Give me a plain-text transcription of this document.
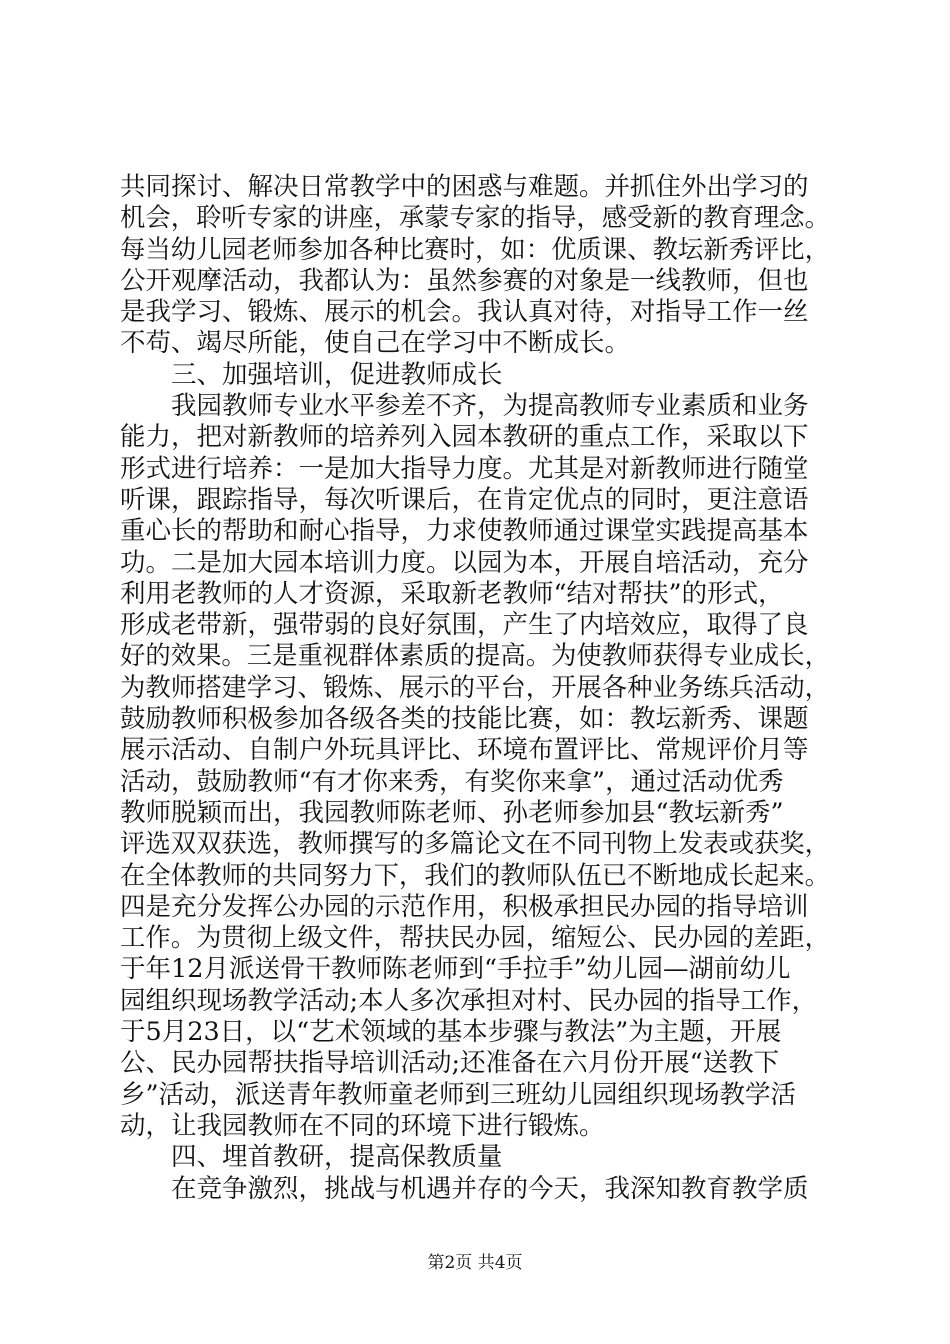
共同探讨、解决日常教学中的困惑与难题。并抓住外出学习的
机会，聆听专家的讲座，承蒙专家的指导，感受新的教育理念。
每当幼儿园老师参加各种比赛时，如：优质课、教坛新秀评比，
公开观摩活动，我都认为：虽然参赛的对象是一线教师，但也
是我学习、锻炼、展示的机会。我认真对待，对指导工作一丝
不苟、竭尽所能，使自己在学习中不断成长。
三、加强培训，促进教师成长
我园教师专业水平参差不齐，为提高教师专业素质和业务
能力，把对新教师的培养列入园本教研的重点工作，采取以下
形式进行培养：一是加大指导力度。尤其是对新教师进行随堂
听课，跟踪指导，每次听课后，在肯定优点的同时，更注意语
重心长的帮助和耐心指导，力求使教师通过课堂实践提高基本
功。二是加大园本培训力度。以园为本，开展自培活动，充分
利用老教师的人才资源，采取新老教师“结对帮扶”的形式，
形成老带新，强带弱的良好氛围，产生了内培效应，取得了良
好的效果。三是重视群体素质的提高。为使教师获得专业成长，
为教师搭建学习、锻炼、展示的平台，开展各种业务练兵活动，
鼓励教师积极参加各级各类的技能比赛，如：教坛新秀、课题
展示活动、自制户外玩具评比、环境布置评比、常规评价月等
活动，鼓励教师“有才你来秀，有奖你来拿”，通过活动优秀
教师脱颖而出，我园教师陈老师、孙老师参加县“教坛新秀”
评选双双获选，教师撰写的多篇论文在不同刊物上发表或获奖，
在全体教师的共同努力下，我们的教师队伍已不断地成长起来。
四是充分发挥公办园的示范作用，积极承担民办园的指导培训
工作。为贯彻上级文件，帮扶民办园，缩短公、民办园的差距，
于年12月派送骨干教师陈老师到“手拉手”幼儿园—湖前幼儿
园组织现场教学活动;本人多次承担对村、民办园的指导工作，
于5月23日，以“艺术领域的基本步骤与教法”为主题，开展
公、民办园帮扶指导培训活动;还准备在六月份开展“送教下
乡”活动，派送青年教师童老师到三班幼儿园组织现场教学活
动，让我园教师在不同的环境下进行锻炼。
四、埋首教研，提高保教质量
在竞争激烈，挑战与机遇并存的今天，我深知教育教学质
第2页 共4页
